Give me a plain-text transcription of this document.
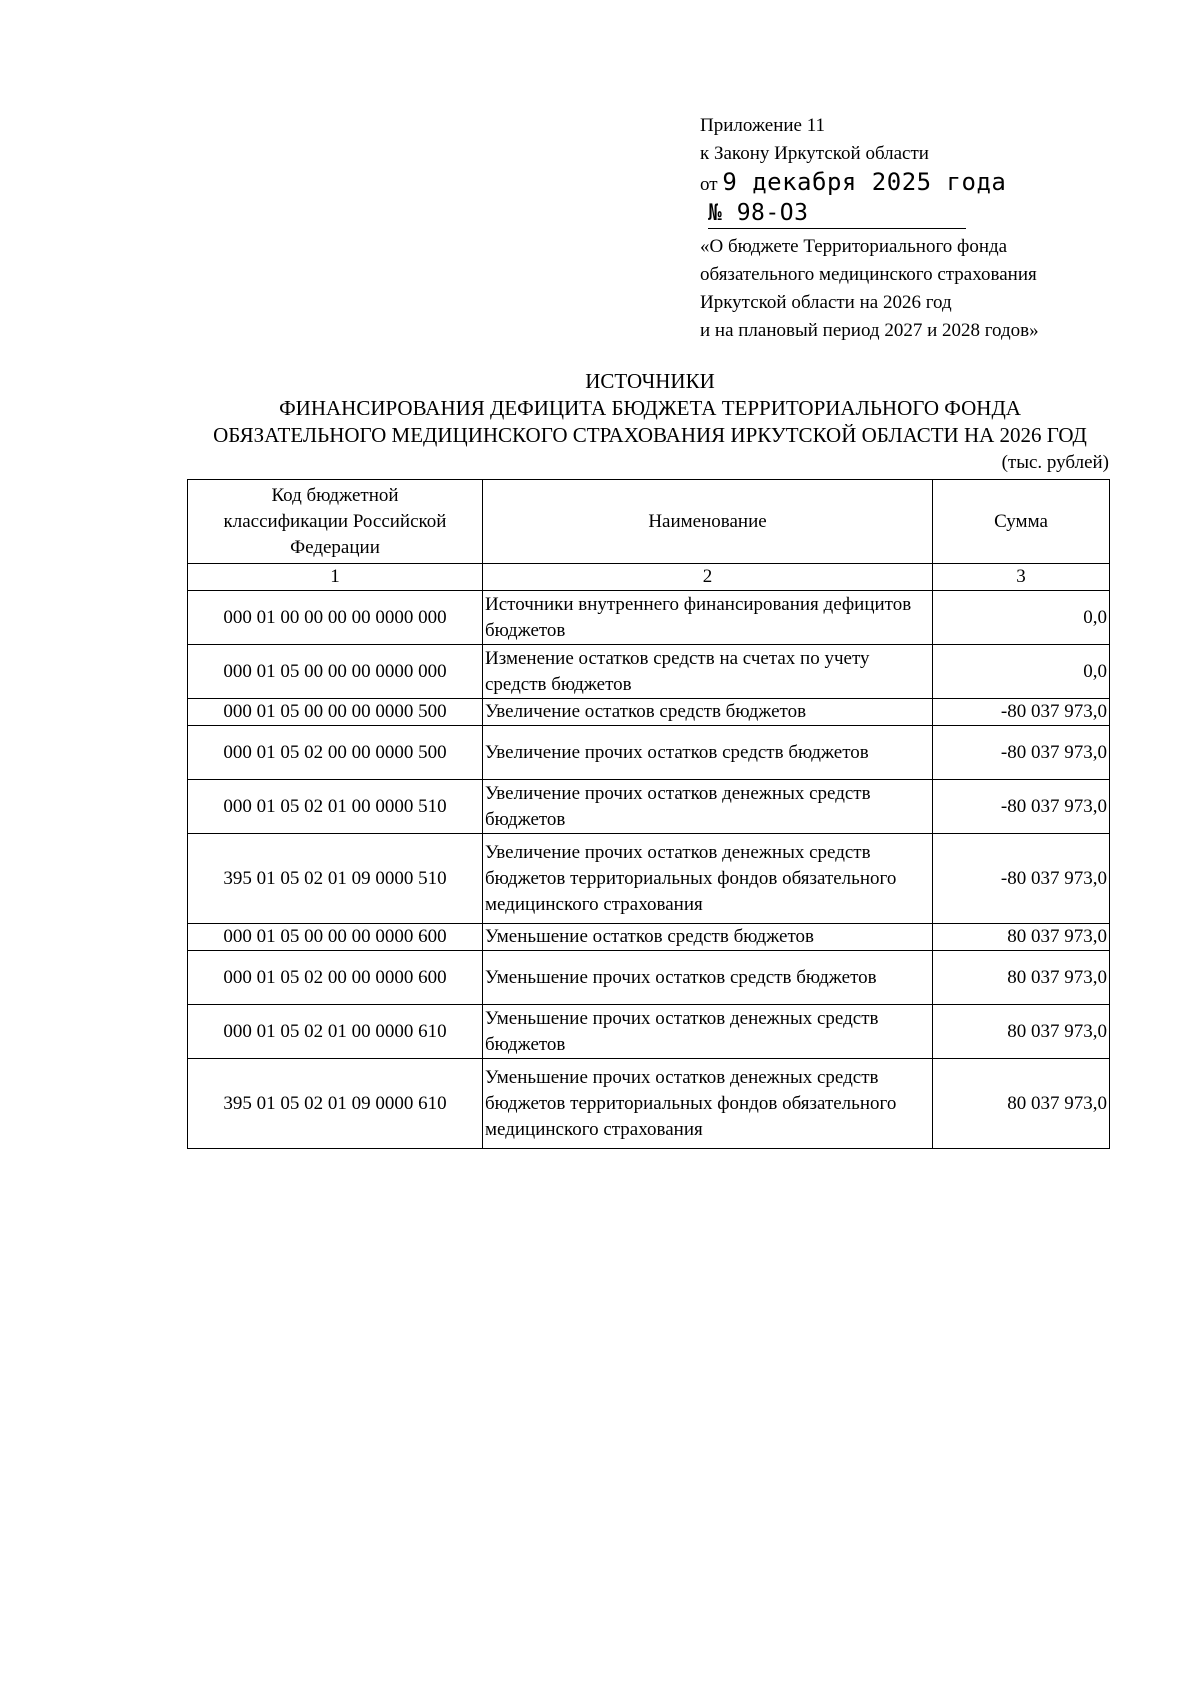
Приложение 11
к Закону Иркутской области
от 9 декабря 2025 года
№ 98-ОЗ
«О бюджете Территориального фонда
обязательного медицинского страхования
Иркутской области на 2026 год
и на плановый период 2027 и 2028 годов»
ИСТОЧНИКИ
ФИНАНСИРОВАНИЯ ДЕФИЦИТА БЮДЖЕТА ТЕРРИТОРИАЛЬНОГО ФОНДА
ОБЯЗАТЕЛЬНОГО МЕДИЦИНСКОГО СТРАХОВАНИЯ ИРКУТСКОЙ ОБЛАСТИ НА 2026 ГОД
(тыс. рублей)
Код бюджетной
классификации Российской
Федерации	Наименование	Сумма
1	2	3
000 01 00 00 00 00 0000 000	Источники внутреннего финансирования дефицитов бюджетов	0,0
000 01 05 00 00 00 0000 000	Изменение остатков средств на счетах по учету средств бюджетов	0,0
000 01 05 00 00 00 0000 500	Увеличение остатков средств бюджетов	-80 037 973,0
000 01 05 02 00 00 0000 500	Увеличение прочих остатков средств бюджетов	-80 037 973,0
000 01 05 02 01 00 0000 510	Увеличение прочих остатков денежных средств бюджетов	-80 037 973,0
395 01 05 02 01 09 0000 510	Увеличение прочих остатков денежных средств бюджетов территориальных фондов обязательного медицинского страхования	-80 037 973,0
000 01 05 00 00 00 0000 600	Уменьшение остатков средств бюджетов	80 037 973,0
000 01 05 02 00 00 0000 600	Уменьшение прочих остатков средств бюджетов	80 037 973,0
000 01 05 02 01 00 0000 610	Уменьшение прочих остатков денежных средств бюджетов	80 037 973,0
395 01 05 02 01 09 0000 610	Уменьшение прочих остатков денежных средств бюджетов территориальных фондов обязательного медицинского страхования	80 037 973,0
